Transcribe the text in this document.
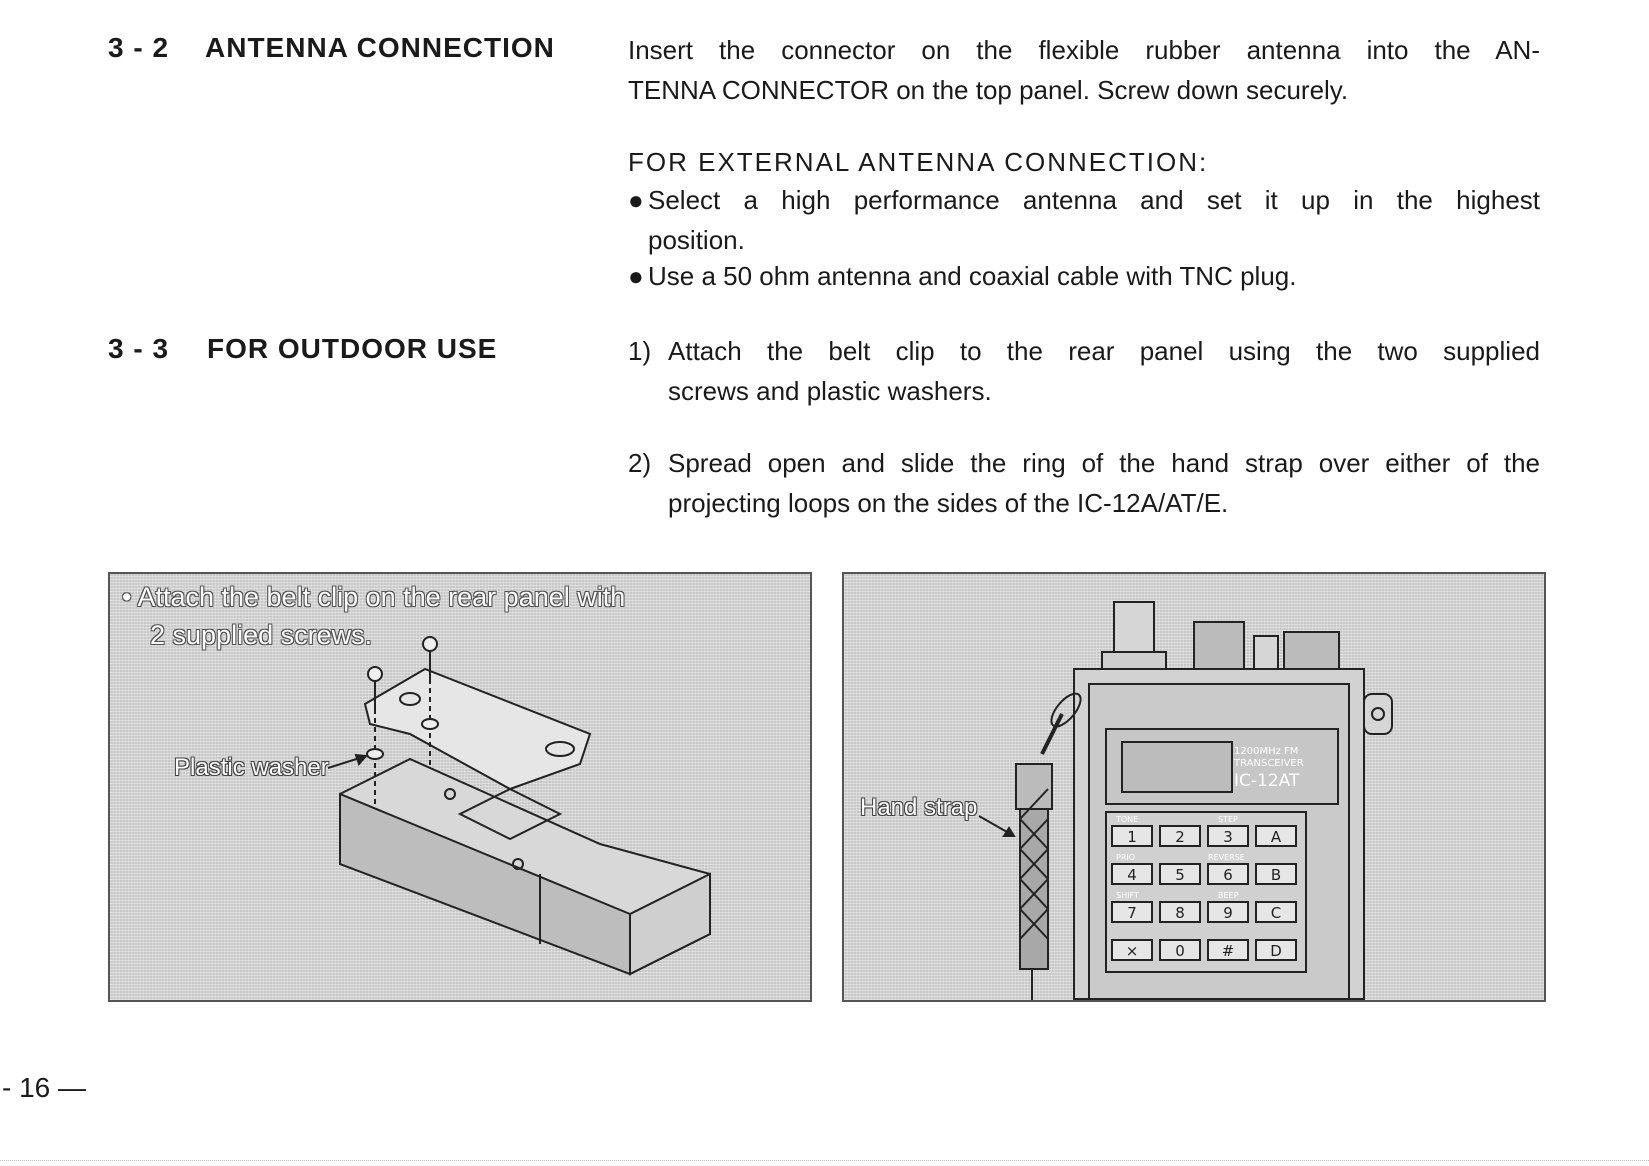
3 - 2 ANTENNA CONNECTION	Insert the connector on the flexible rubber antenna into the AN-
TENNA CONNECTOR on the top panel. Screw down securely.
FOR EXTERNAL ANTENNA CONNECTION:
● Select a high performance antenna and set it up in the highest
position.
● Use a 50 ohm antenna and coaxial cable with TNC plug.
3 - 3 FOR OUTDOOR USE	1) Attach the belt clip to the rear panel using the two supplied
screws and plastic washers.
2) Spread open and slide the ring of the hand strap over either of the
projecting loops on the sides of the IC-12A/AT/E.
• Attach the belt clip on the rear panel with
2 supplied screws.
Plastic washer
1200MHz FM
TRANSCEIVER
IC-12AT
TONE	STEP
PRIO	REVERSE
SHIFT	BEEP
1	2	3	A
4	5	6	B
7	8	9	C
× 0 # D
Hand strap
- 16 —
